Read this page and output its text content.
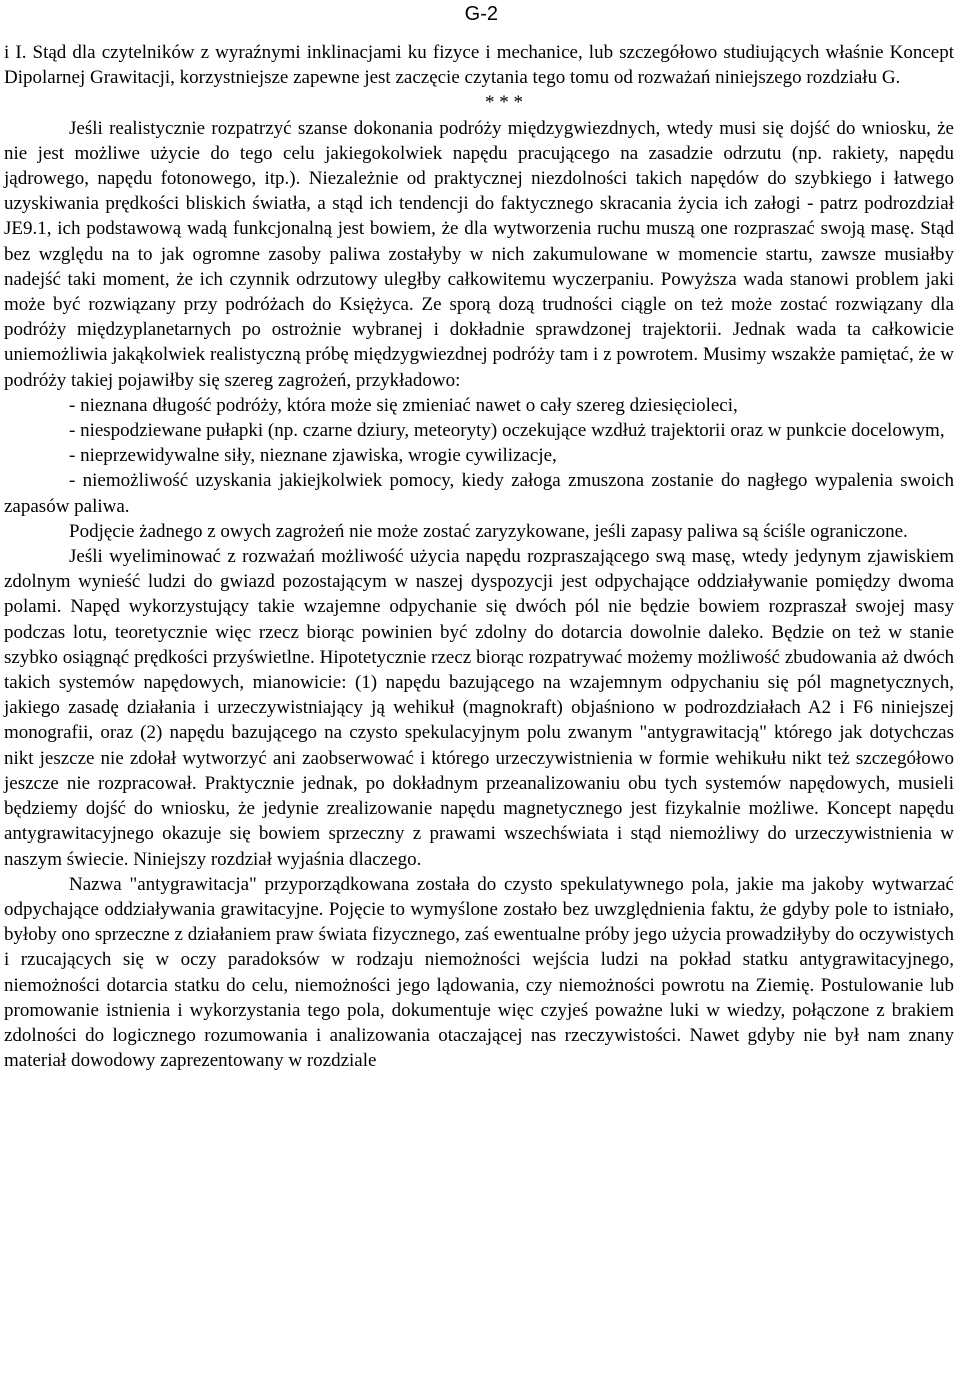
G-2

i I. Stąd dla czytelników z wyraźnymi inklinacjami ku fizyce i mechanice, lub szczegółowo studiujących właśnie Koncept Dipolarnej Grawitacji, korzystniejsze zapewne jest zaczęcie czytania tego tomu od rozważań niniejszego rozdziału G.

* * *

Jeśli realistycznie rozpatrzyć szanse dokonania podróży międzygwiezdnych, wtedy musi się dojść do wniosku, że nie jest możliwe użycie do tego celu jakiegokolwiek napędu pracującego na zasadzie odrzutu (np. rakiety, napędu jądrowego, napędu fotonowego, itp.). Niezależnie od praktycznej niezdolności takich napędów do szybkiego i łatwego uzyskiwania prędkości bliskich światła, a stąd ich tendencji do faktycznego skracania życia ich załogi - patrz podrozdział JE9.1, ich podstawową wadą funkcjonalną jest bowiem, że dla wytworzenia ruchu muszą one rozpraszać swoją masę. Stąd bez względu na to jak ogromne zasoby paliwa zostałyby w nich zakumulowane w momencie startu, zawsze musiałby nadejść taki moment, że ich czynnik odrzutowy uległby całkowitemu wyczerpaniu. Powyższa wada stanowi problem jaki może być rozwiązany przy podróżach do Księżyca. Ze sporą dozą trudności ciągle on też może zostać rozwiązany dla podróży międzyplanetarnych po ostrożnie wybranej i dokładnie sprawdzonej trajektorii. Jednak wada ta całkowicie uniemożliwia jakąkolwiek realistyczną próbę międzygwiezdnej podróży tam i z powrotem. Musimy wszakże pamiętać, że w podróży takiej pojawiłby się szereg zagrożeń, przykładowo:

- nieznana długość podróży, która może się zmieniać nawet o cały szereg dziesięcioleci,

- niespodziewane pułapki (np. czarne dziury, meteoryty) oczekujące wzdłuż trajektorii oraz w punkcie docelowym,

- nieprzewidywalne siły, nieznane zjawiska, wrogie cywilizacje,

- niemożliwość uzyskania jakiejkolwiek pomocy, kiedy załoga zmuszona zostanie do nagłego wypalenia swoich zapasów paliwa.

Podjęcie żadnego z owych zagrożeń nie może zostać zaryzykowane, jeśli zapasy paliwa są ściśle ograniczone.

Jeśli wyeliminować z rozważań możliwość użycia napędu rozpraszającego swą masę, wtedy jedynym zjawiskiem zdolnym wynieść ludzi do gwiazd pozostającym w naszej dyspozycji jest odpychające oddziaływanie pomiędzy dwoma polami. Napęd wykorzystujący takie wzajemne odpychanie się dwóch pól nie będzie bowiem rozpraszał swojej masy podczas lotu, teoretycznie więc rzecz biorąc powinien być zdolny do dotarcia dowolnie daleko. Będzie on też w stanie szybko osiągnąć prędkości przyświetlne. Hipotetycznie rzecz biorąc rozpatrywać możemy możliwość zbudowania aż dwóch takich systemów napędowych, mianowicie: (1) napędu bazującego na wzajemnym odpychaniu się pól magnetycznych, jakiego zasadę działania i urzeczywistniający ją wehikuł (magnokraft) objaśniono w podrozdziałach A2 i F6 niniejszej monografii, oraz (2) napędu bazującego na czysto spekulacyjnym polu zwanym "antygrawitacją" którego jak dotychczas nikt jeszcze nie zdołał wytworzyć ani zaobserwować i którego urzeczywistnienia w formie wehikułu nikt też szczegółowo jeszcze nie rozpracował. Praktycznie jednak, po dokładnym przeanalizowaniu obu tych systemów napędowych, musieli będziemy dojść do wniosku, że jedynie zrealizowanie napędu magnetycznego jest fizykalnie możliwe. Koncept napędu antygrawitacyjnego okazuje się bowiem sprzeczny z prawami wszechświata i stąd niemożliwy do urzeczywistnienia w naszym świecie. Niniejszy rozdział wyjaśnia dlaczego.

Nazwa "antygrawitacja" przyporządkowana została do czysto spekulatywnego pola, jakie ma jakoby wytwarzać odpychające oddziaływania grawitacyjne. Pojęcie to wymyślone zostało bez uwzględnienia faktu, że gdyby pole to istniało, byłoby ono sprzeczne z działaniem praw świata fizycznego, zaś ewentualne próby jego użycia prowadziłyby do oczywistych i rzucających się w oczy paradoksów w rodzaju niemożności wejścia ludzi na pokład statku antygrawitacyjnego, niemożności dotarcia statku do celu, niemożności jego lądowania, czy niemożności powrotu na Ziemię. Postulowanie lub promowanie istnienia i wykorzystania tego pola, dokumentuje więc czyjeś poważne luki w wiedzy, połączone z brakiem zdolności do logicznego rozumowania i analizowania otaczającej nas rzeczywistości. Nawet gdyby nie był nam znany materiał dowodowy zaprezentowany w rozdziale
